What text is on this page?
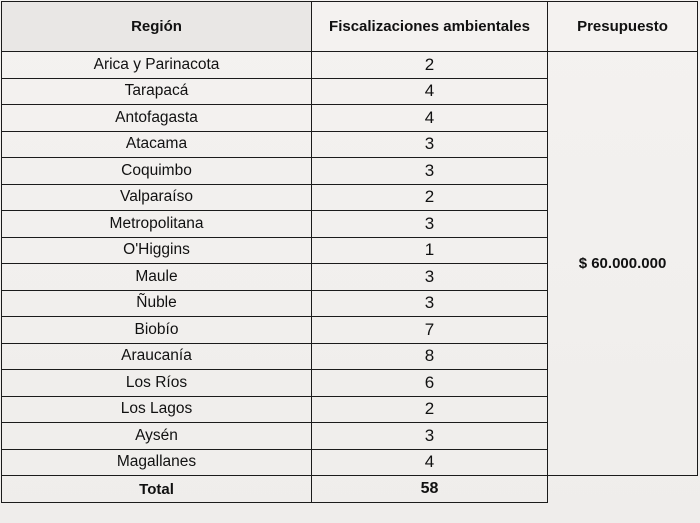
Región	Fiscalizaciones ambientales	Presupuesto
Arica y Parinacota	2	$ 60.000.000
Tarapacá	4	
Antofagasta	4	
Atacama	3	
Coquimbo	3	
Valparaíso	2	
Metropolitana	3	
O'Higgins	1	
Maule	3	
Ñuble	3	
Biobío	7	
Araucanía	8	
Los Ríos	6	
Los Lagos	2	
Aysén	3	
Magallanes	4	
Total	58	
